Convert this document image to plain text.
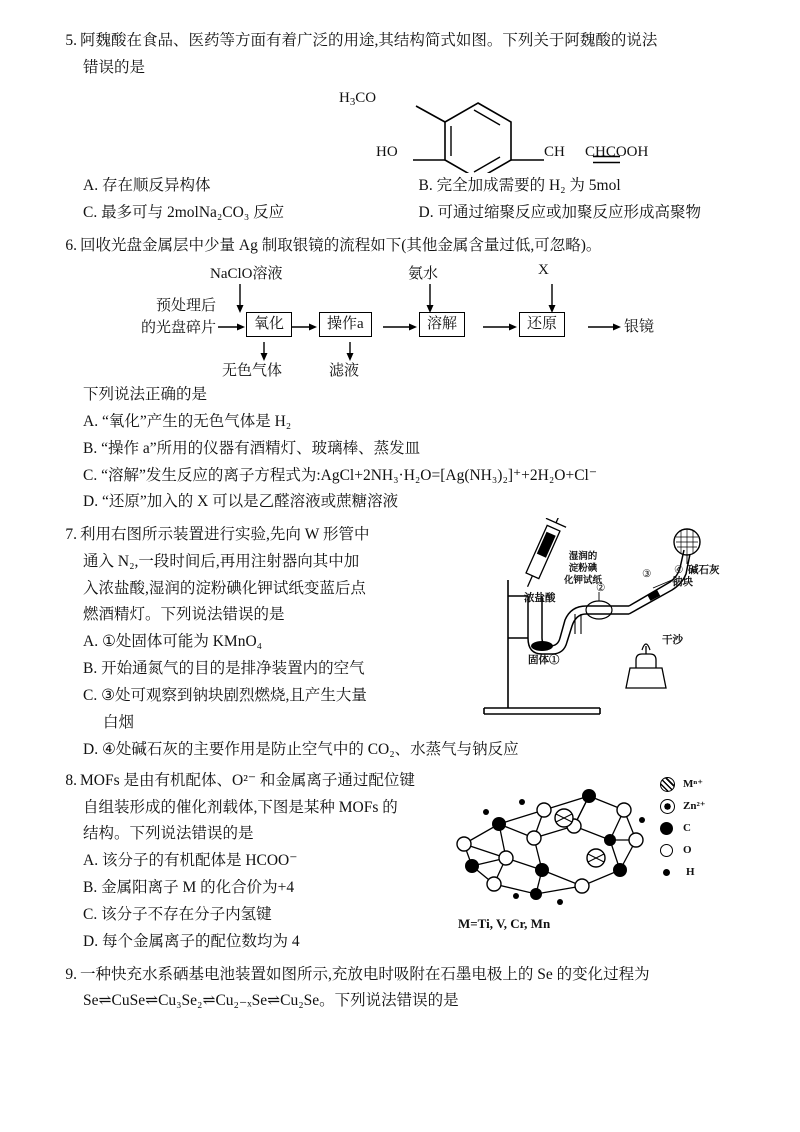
5. 阿魏酸在食品、医药等方面有着广泛的用途,其结构简式如图。下列关于阿魏酸的说法
错误的是
$H_3CO$
HO	CH CHCOOH
A. 存在顺反异构体	B. 完全加成需要的 H₂ 为 5mol
C. 最多可与 2molNa₂CO₃ 反应	D. 可通过缩聚反应或加聚反应形成高聚物
6. 回收光盘金属层中少量 Ag 制取银镜的流程如下(其他金属含量过低,可忽略)。
NaClO溶液	氨水	X
预处理后
的光盘碎片	氧化	操作a	溶解	还原	银镜
无色气体	滤液
下列说法正确的是
A. “氧化”产生的无色气体是 H₂
B. “操作 a”所用的仪器有酒精灯、玻璃棒、蒸发皿
C. “溶解”发生反应的离子方程式为:AgCl+2NH₃·H₂O=[Ag(NH₃)₂]⁺+2H₂O+Cl⁻
D. “还原”加入的 X 可以是乙醛溶液或蔗糖溶液
浓盐酸
湿润的
淀粉碘
化钾试纸
固体①
②
③ ④ 碱石灰
钠块
干沙
7. 利用右图所示装置进行实验,先向 W 形管中
通入 N₂,一段时间后,再用注射器向其中加
入浓盐酸,湿润的淀粉碘化钾试纸变蓝后点
燃酒精灯。下列说法错误的是
A. ①处固体可能为 KMnO₄
B. 开始通氮气的目的是排净装置内的空气
C. ③处可观察到钠块剧烈燃烧,且产生大量
白烟
D. ④处碱石灰的主要作用是防止空气中的 CO₂、水蒸气与钠反应
Mⁿ⁺
Zn²⁺
C
O
H
M=Ti, V, Cr, Mn
8. MOFs 是由有机配体、O²⁻ 和金属离子通过配位键
自组装形成的催化剂载体,下图是某种 MOFs 的
结构。下列说法错误的是
A. 该分子的有机配体是 HCOO⁻
B. 金属阳离子 M 的化合价为+4
C. 该分子不存在分子内氢键
D. 每个金属离子的配位数均为 4
9. 一种快充水系硒基电池装置如图所示,充放电时吸附在石墨电极上的 Se 的变化过程为
Se⇌CuSe⇌Cu₃Se₂⇌Cu₂₋ₓSe⇌Cu₂Se。下列说法错误的是
